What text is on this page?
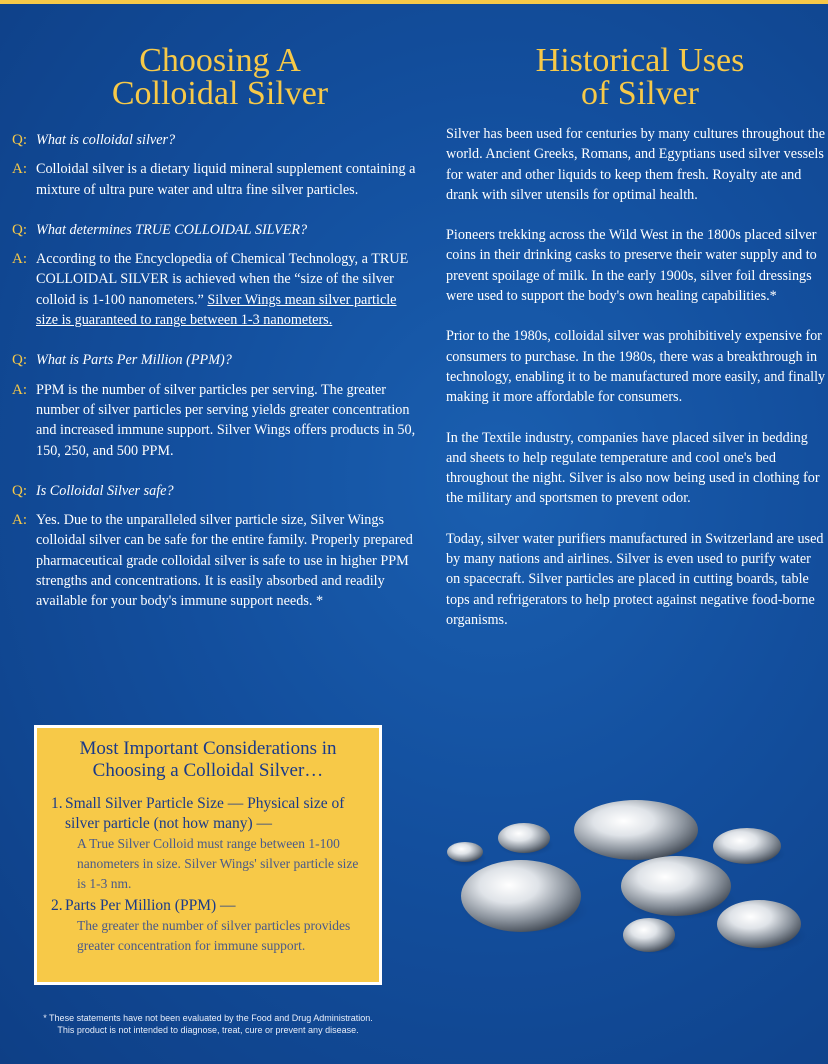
Choosing A
Colloidal Silver
Historical Uses
of Silver
Q: What is colloidal silver?
A: Colloidal silver is a dietary liquid mineral supplement containing a mixture of ultra pure water and ultra fine silver particles.
Q: What determines TRUE COLLOIDAL SILVER?
A: According to the Encyclopedia of Chemical Technology, a TRUE COLLOIDAL SILVER is achieved when the “size of the silver colloid is 1-100 nanometers.” Silver Wings mean silver particle size is guaranteed to range between 1-3 nanometers.
Q: What is Parts Per Million (PPM)?
A: PPM is the number of silver particles per serving. The greater number of silver particles per serving yields greater concentration and increased immune support. Silver Wings offers products in 50, 150, 250, and 500 PPM.
Q: Is Colloidal Silver safe?
A: Yes. Due to the unparalleled silver particle size, Silver Wings colloidal silver can be safe for the entire family. Properly prepared pharmaceutical grade colloidal silver is safe to use in higher PPM strengths and concentrations. It is easily absorbed and readily available for your body's immune support needs. *

Silver has been used for centuries by many cultures throughout the world. Ancient Greeks, Romans, and Egyptians used silver vessels for water and other liquids to keep them fresh. Royalty ate and drank with silver utensils for optimal health.

Pioneers trekking across the Wild West in the 1800s placed silver coins in their drinking casks to preserve their water supply and to prevent spoilage of milk. In the early 1900s, silver foil dressings were used to support the body's own healing capabilities.*

Prior to the 1980s, colloidal silver was prohibitively expensive for consumers to purchase. In the 1980s, there was a breakthrough in technology, enabling it to be manufactured more easily, and finally making it more affordable for consumers.

In the Textile industry, companies have placed silver in bedding and sheets to help regulate temperature and cool one's bed throughout the night. Silver is also now being used in clothing for the military and sportsmen to prevent odor.

Today, silver water purifiers manufactured in Switzerland are used by many nations and airlines. Silver is even used to purify water on spacecraft. Silver particles are placed in cutting boards, table tops and refrigerators to help protect against negative food-borne organisms.

Most Important Considerations in
Choosing a Colloidal Silver…
1. Small Silver Particle Size — Physical size of silver particle (not how many) —
A True Silver Colloid must range between 1-100 nanometers in size. Silver Wings' silver particle size is 1-3 nm.
2. Parts Per Million (PPM) —
The greater the number of silver particles provides greater concentration for immune support.
* These statements have not been evaluated by the Food and Drug Administration.
This product is not intended to diagnose, treat, cure or prevent any disease.
